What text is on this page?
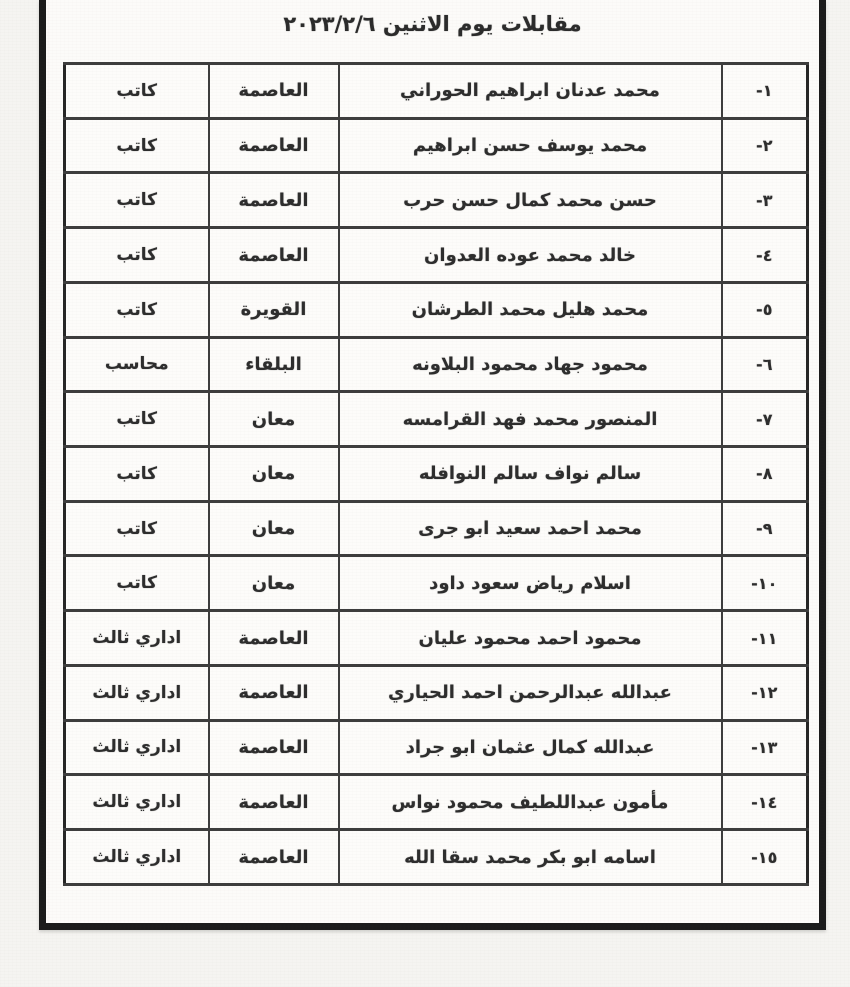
مقابلات يوم الاثنين ٢٠٢٣/٢/٦
١-	محمد عدنان ابراهيم الحوراني	العاصمة	كاتب
٢-	محمد يوسف حسن ابراهيم	العاصمة	كاتب
٣-	حسن محمد كمال حسن حرب	العاصمة	كاتب
٤-	خالد محمد عوده العدوان	العاصمة	كاتب
٥-	محمد هليل محمد الطرشان	القويرة	كاتب
٦-	محمود جهاد محمود البلاونه	البلقاء	محاسب
٧-	المنصور محمد فهد القرامسه	معان	كاتب
٨-	سالم نواف سالم النوافله	معان	كاتب
٩-	محمد احمد سعيد ابو جرى	معان	كاتب
١٠-	اسلام رياض سعود داود	معان	كاتب
١١-	محمود احمد محمود عليان	العاصمة	اداري ثالث
١٢-	عبدالله عبدالرحمن احمد الحياري	العاصمة	اداري ثالث
١٣-	عبدالله كمال عثمان ابو جراد	العاصمة	اداري ثالث
١٤-	مأمون عبداللطيف محمود نواس	العاصمة	اداري ثالث
١٥-	اسامه ابو بكر محمد سقا الله	العاصمة	اداري ثالث
